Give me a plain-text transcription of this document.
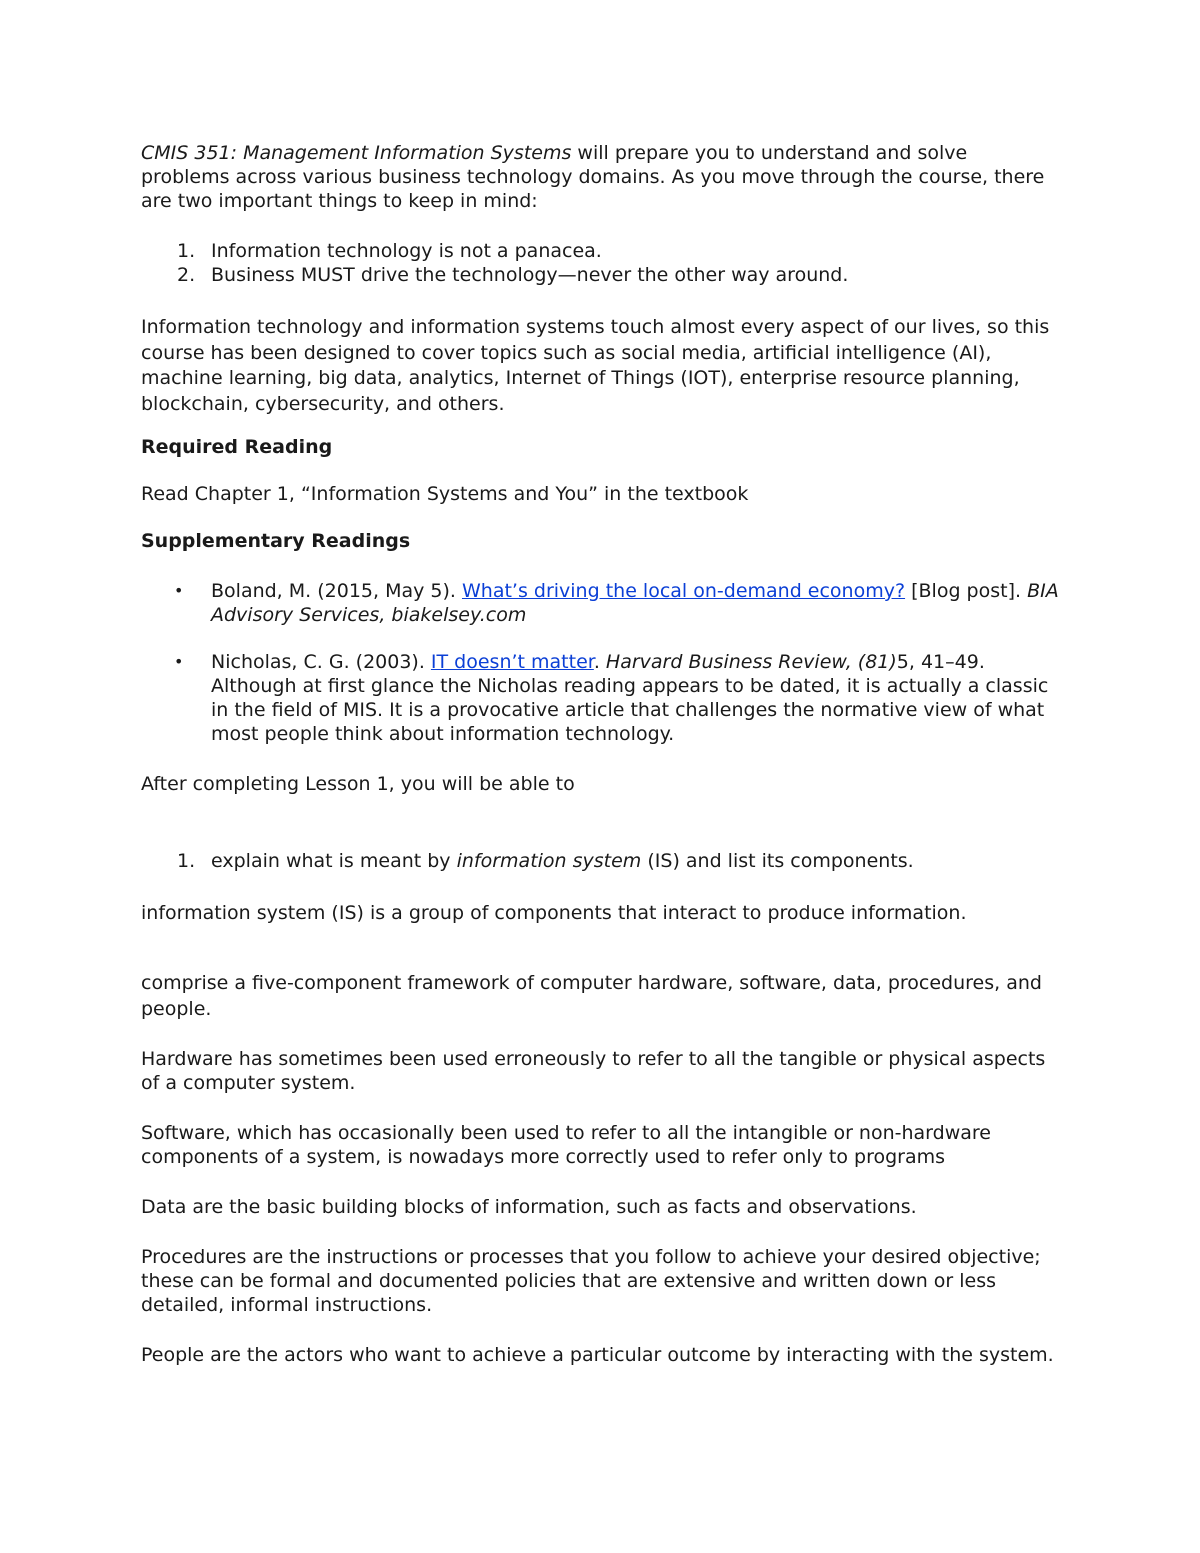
CMIS 351: Management Information Systems will prepare you to understand and solve
problems across various business technology domains. As you move through the course, there are two important things to keep in mind:

1. Information technology is not a panacea.
2. Business MUST drive the technology—never the other way around.

Information technology and information systems touch almost every aspect of our lives, so this course has been designed to cover topics such as social media, artificial intelligence (AI), machine learning, big data, analytics, Internet of Things (IOT), enterprise resource planning, blockchain, cybersecurity, and others.

Required Reading

Read Chapter 1, “Information Systems and You” in the textbook

Supplementary Readings

• Boland, M. (2015, May 5). What’s driving the local on-demand economy? [Blog post]. BIA Advisory Services, biakelsey.com
• Nicholas, C. G. (2003). IT doesn’t matter. Harvard Business Review, (81)5, 41–49.
Although at first glance the Nicholas reading appears to be dated, it is actually a classic in the field of MIS. It is a provocative article that challenges the normative view of what most people think about information technology.

After completing Lesson 1, you will be able to

1. explain what is meant by information system (IS) and list its components.

information system (IS) is a group of components that interact to produce information.

comprise a five-component framework of computer hardware, software, data, procedures, and people.

Hardware has sometimes been used erroneously to refer to all the tangible or physical aspects of a computer system.

Software, which has occasionally been used to refer to all the intangible or non-hardware components of a system, is nowadays more correctly used to refer only to programs

Data are the basic building blocks of information, such as facts and observations.

Procedures are the instructions or processes that you follow to achieve your desired objective; these can be formal and documented policies that are extensive and written down or less detailed, informal instructions.

People are the actors who want to achieve a particular outcome by interacting with the system.
